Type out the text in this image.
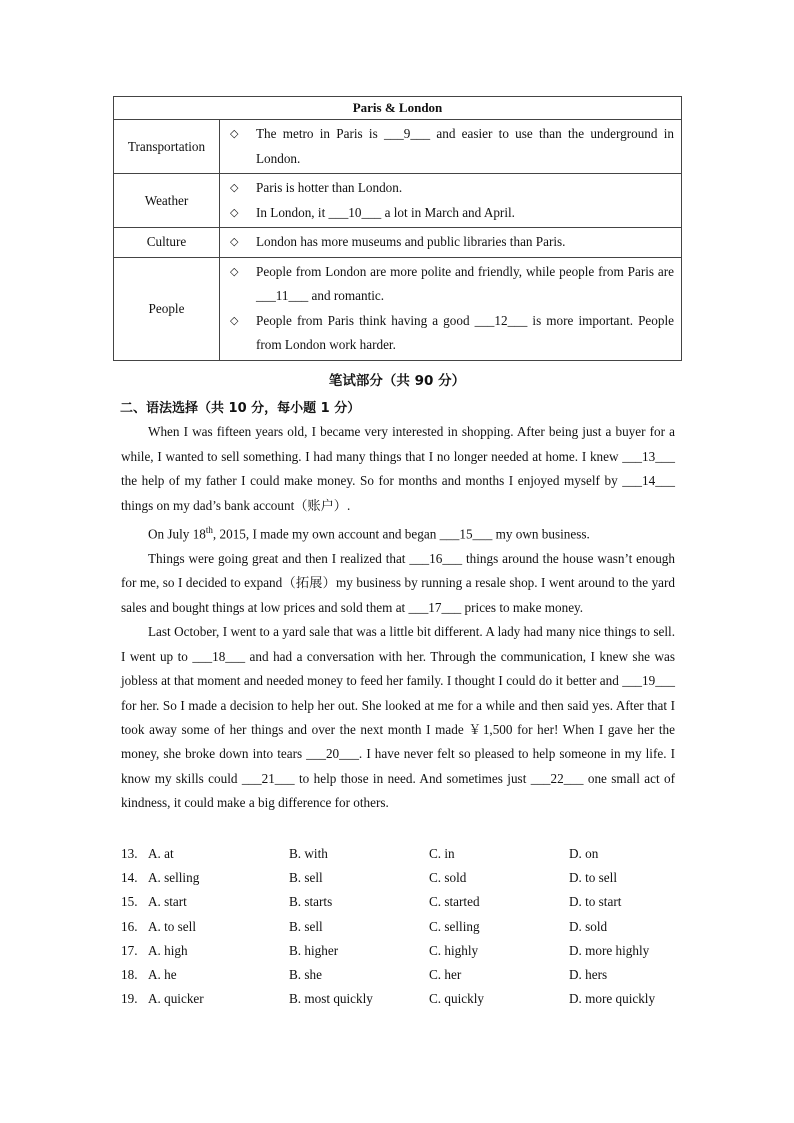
Paris & London	
Transportation	◇ The metro in Paris is ___9___ and easier to use than the underground in London.

Weather	◇ Paris is hotter than London.
◇ In London, it ___10___ a lot in March and April.

Culture	◇ London has more museums and public libraries than Paris.

People	◇ People from London are more polite and friendly, while people from Paris are ___11___ and romantic.
◇ People from Paris think having a good ___12___ is more important. People from London work harder.
笔试部分（共 90 分）
二、语法选择（共 10 分，每小题 1 分）

When I was fifteen years old, I became very interested in shopping. After being just a buyer for a while, I wanted to sell something. I had many things that I no longer needed at home. I knew ___13___ the help of my father I could make money. So for months and months I enjoyed myself by ___14___ things on my dad’s bank account（账户）.

On July 18th, 2015, I made my own account and began ___15___ my own business.

Things were going great and then I realized that ___16___ things around the house wasn’t enough for me, so I decided to expand（拓展）my business by running a resale shop. I went around to the yard sales and bought things at low prices and sold them at ___17___ prices to make money.

Last October, I went to a yard sale that was a little bit different. A lady had many nice things to sell. I went up to ___18___ and had a conversation with her. Through the communication, I knew she was jobless at that moment and needed money to feed her family. I thought I could do it better and ___19___ for her. So I made a decision to help her out. She looked at me for a while and then said yes. After that I took away some of her things and over the next month I made ￥1,500 for her! When I gave her the money, she broke down into tears ___20___. I have never felt so pleased to help someone in my life. I know my skills could ___21___ to help those in need. And sometimes just ___22___ one small act of kindness, it could make a big difference for others.

13. A. at	B. with	C. in	D. on
14. A. selling	B. sell	C. sold	D. to sell
15. A. start	B. starts	C. started	D. to start
16. A. to sell	B. sell	C. selling	D. sold
17. A. high	B. higher	C. highly	D. more highly
18. A. he	B. she	C. her	D. hers
19. A. quicker	B. most quickly	C. quickly	D. more quickly
